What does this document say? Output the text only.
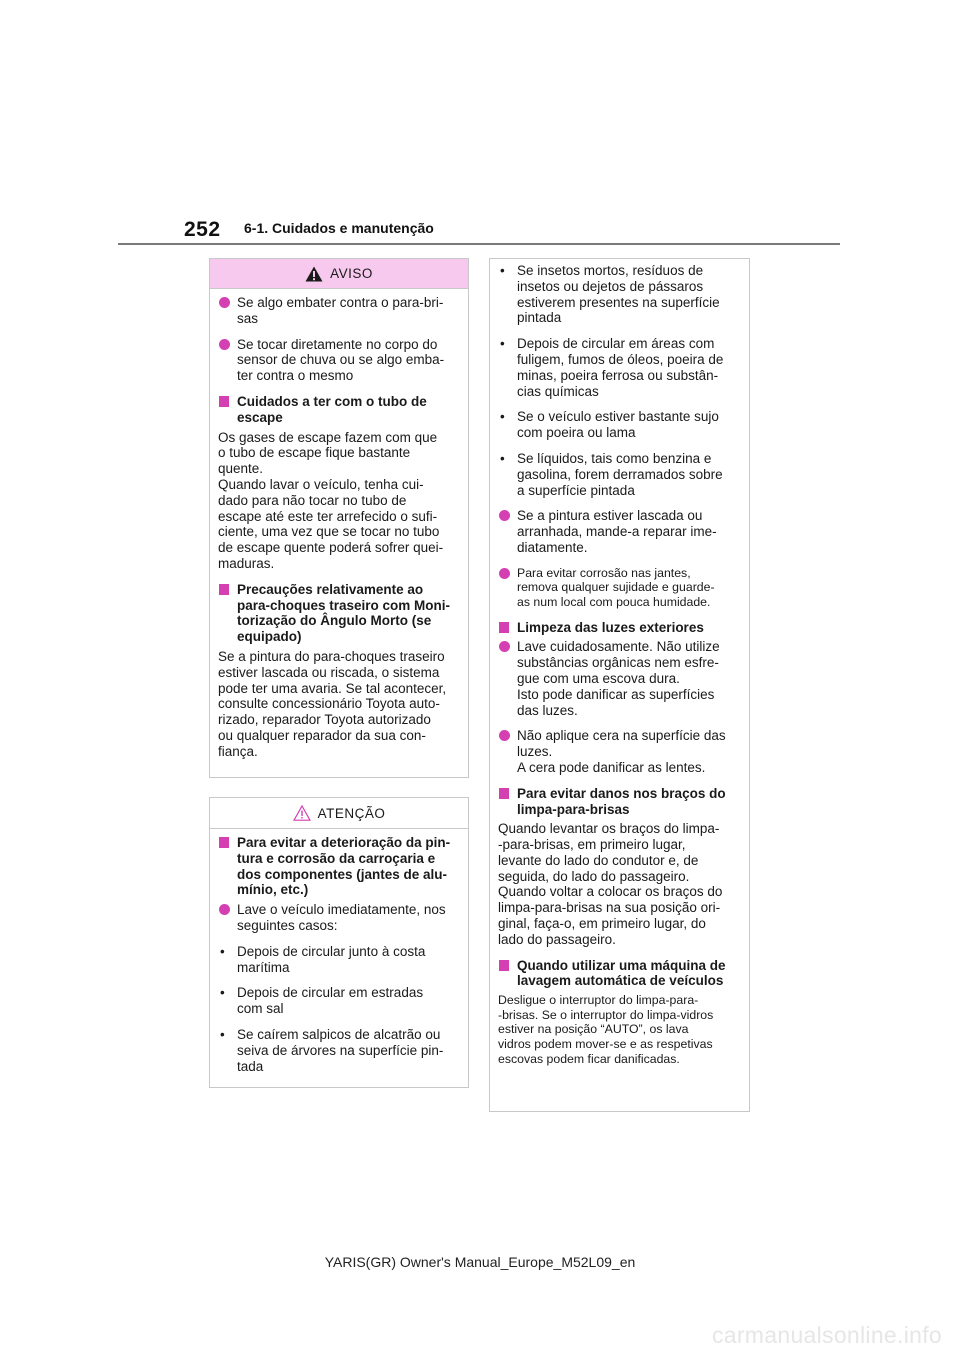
252 6-1. Cuidados e manutenção
AVISO
Se algo embater contra o para-bri-
sas
Se tocar diretamente no corpo do
sensor de chuva ou se algo emba-
ter contra o mesmo
Cuidados a ter com o tubo de
escape
Os gases de escape fazem com que
o tubo de escape fique bastante
quente.
Quando lavar o veículo, tenha cui-
dado para não tocar no tubo de
escape até este ter arrefecido o sufi-
ciente, uma vez que se tocar no tubo
de escape quente poderá sofrer quei-
maduras.
Precauções relativamente ao
para-choques traseiro com Moni-
torização do Ângulo Morto (se
equipado)
Se a pintura do para-choques traseiro
estiver lascada ou riscada, o sistema
pode ter uma avaria. Se tal acontecer,
consulte concessionário Toyota auto-
rizado, reparador Toyota autorizado
ou qualquer reparador da sua con-
fiança.
ATENÇÃO
Para evitar a deterioração da pin-
tura e corrosão da carroçaria e
dos componentes (jantes de alu-
mínio, etc.)
Lave o veículo imediatamente, nos
seguintes casos:
•
Depois de circular junto à costa
marítima
•
Depois de circular em estradas
com sal
•
Se caírem salpicos de alcatrão ou
seiva de árvores na superfície pin-
tada
•
Se insetos mortos, resíduos de
insetos ou dejetos de pássaros
estiverem presentes na superfície
pintada
•
Depois de circular em áreas com
fuligem, fumos de óleos, poeira de
minas, poeira ferrosa ou substân-
cias químicas
•
Se o veículo estiver bastante sujo
com poeira ou lama
•
Se líquidos, tais como benzina e
gasolina, forem derramados sobre
a superfície pintada
Se a pintura estiver lascada ou
arranhada, mande-a reparar ime-
diatamente.
Para evitar corrosão nas jantes,
remova qualquer sujidade e guarde-
as num local com pouca humidade.
Limpeza das luzes exteriores
Lave cuidadosamente. Não utilize
substâncias orgânicas nem esfre-
gue com uma escova dura.
Isto pode danificar as superfícies
das luzes.
Não aplique cera na superfície das
luzes.
A cera pode danificar as lentes.
Para evitar danos nos braços do
limpa-para-brisas
Quando levantar os braços do limpa-
-para-brisas, em primeiro lugar,
levante do lado do condutor e, de
seguida, do lado do passageiro.
Quando voltar a colocar os braços do
limpa-para-brisas na sua posição ori-
ginal, faça-o, em primeiro lugar, do
lado do passageiro.
Quando utilizar uma máquina de
lavagem automática de veículos
Desligue o interruptor do limpa-para-
-brisas. Se o interruptor do limpa-vidros
estiver na posição “AUTO”, os lava
vidros podem mover-se e as respetivas
escovas podem ficar danificadas.
YARIS(GR) Owner's Manual_Europe_M52L09_en
carmanualsonline.info
